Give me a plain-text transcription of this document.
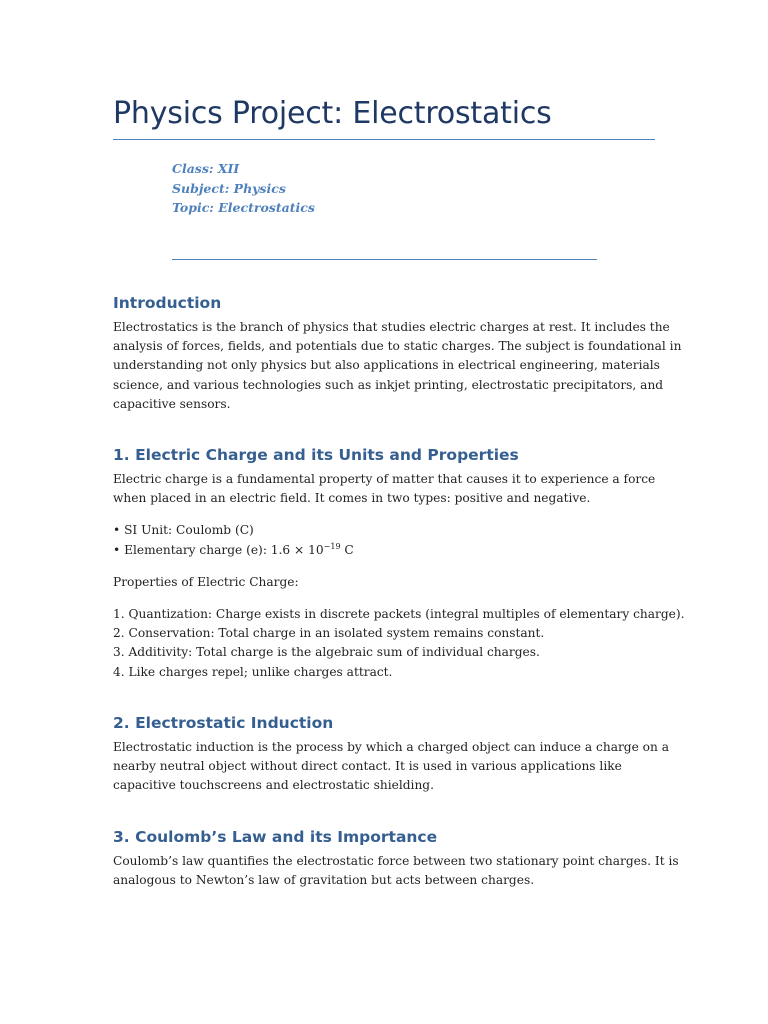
Physics Project: Electrostatics
Class: XII
Subject: Physics
Topic: Electrostatics
Introduction
Electrostatics is the branch of physics that studies electric charges at rest. It includes the
analysis of forces, fields, and potentials due to static charges. The subject is foundational in
understanding not only physics but also applications in electrical engineering, materials
science, and various technologies such as inkjet printing, electrostatic precipitators, and
capacitive sensors.
1. Electric Charge and its Units and Properties
Electric charge is a fundamental property of matter that causes it to experience a force
when placed in an electric field. It comes in two types: positive and negative.
• SI Unit: Coulomb (C)
• Elementary charge (e): $1.6 \times 10^{-19}$ C
Properties of Electric Charge:
1. Quantization: Charge exists in discrete packets (integral multiples of elementary charge).
2. Conservation: Total charge in an isolated system remains constant.
3. Additivity: Total charge is the algebraic sum of individual charges.
4. Like charges repel; unlike charges attract.
2. Electrostatic Induction
Electrostatic induction is the process by which a charged object can induce a charge on a
nearby neutral object without direct contact. It is used in various applications like
capacitive touchscreens and electrostatic shielding.
3. Coulomb’s Law and its Importance
Coulomb’s law quantifies the electrostatic force between two stationary point charges. It is
analogous to Newton’s law of gravitation but acts between charges.
